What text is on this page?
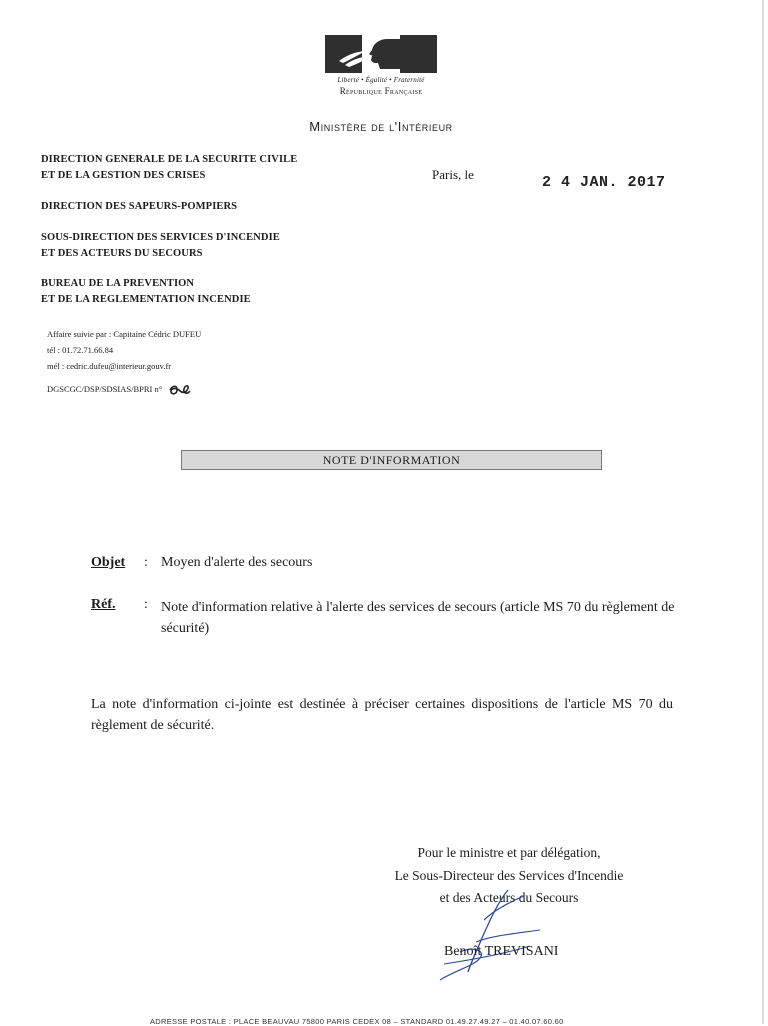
Liberté • Égalité • Fraternité
République Française
Ministère de l'Intérieur
DIRECTION GENERALE DE LA SECURITE CIVILE
ET DE LA GESTION DES CRISES
DIRECTION DES SAPEURS-POMPIERS
SOUS-DIRECTION DES SERVICES D'INCENDIE
ET DES ACTEURS DU SECOURS
BUREAU DE LA PREVENTION
ET DE LA REGLEMENTATION INCENDIE
Affaire suivie par : Capitaine Cédric DUFEU
tél : 01.72.71.66.84
mél : cedric.dufeu@interieur.gouv.fr
DGSCGC/DSP/SDSIAS/BPRI n°
Paris, le	2 4 JAN. 2017
NOTE D'INFORMATION
Objet : Moyen d'alerte des secours
Réf. : Note d'information relative à l'alerte des services de secours (article MS 70 du règlement de sécurité)
La note d'information ci-jointe est destinée à préciser certaines dispositions de l'article MS 70 du règlement de sécurité.
Pour le ministre et par délégation,
Le Sous-Directeur des Services d'Incendie
et des Acteurs du Secours
Benoît TREVISANI
ADRESSE POSTALE : PLACE BEAUVAU 75800 PARIS CEDEX 08 – STANDARD 01.49.27.49.27 – 01.40.07.60.60
